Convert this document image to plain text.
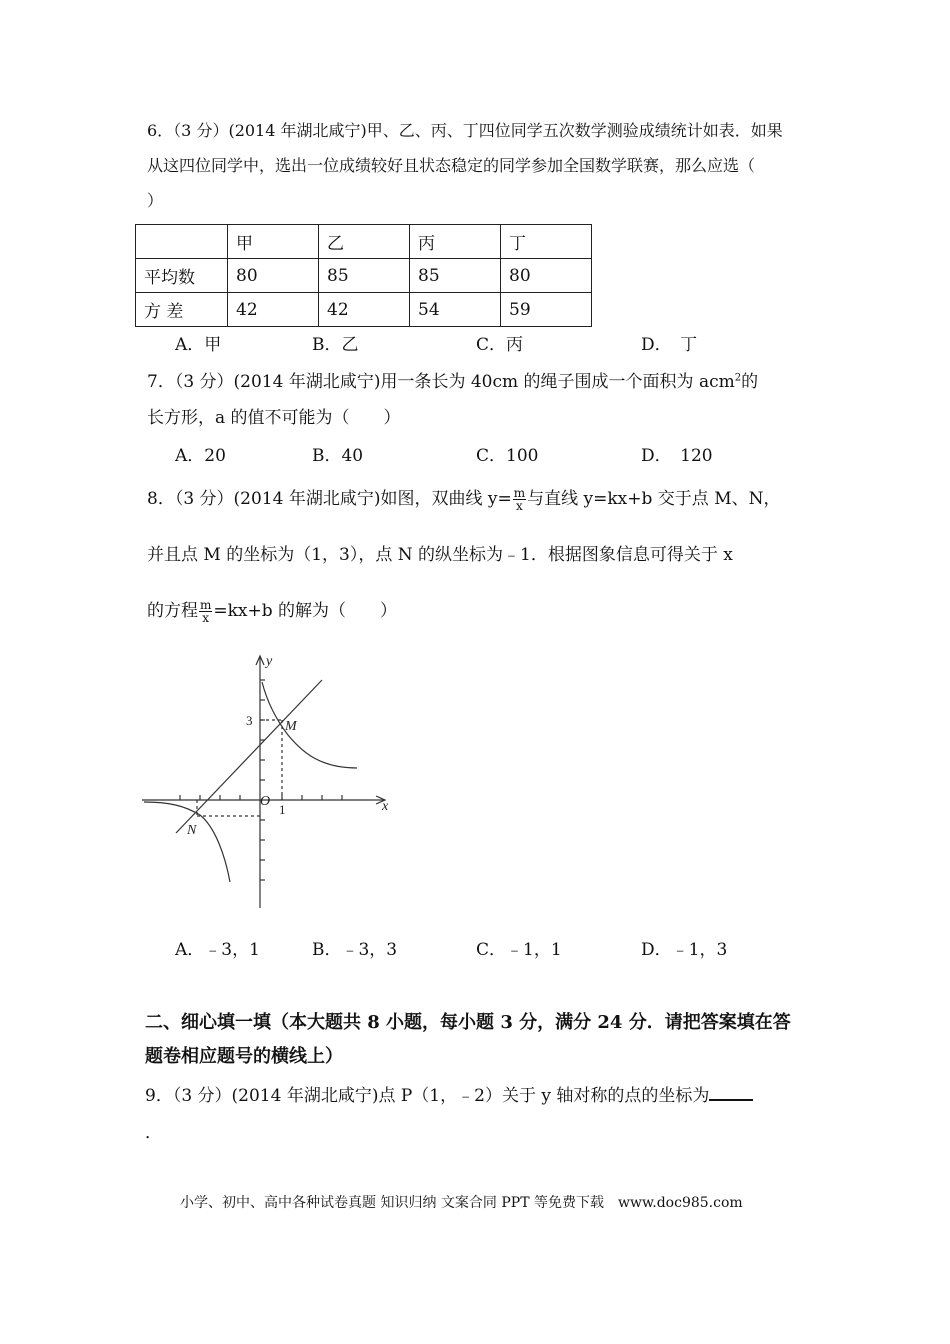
6．（3 分）(2014 年湖北咸宁)甲、乙、丙、丁四位同学五次数学测验成绩统计如表．如果
从这四位同学中，选出一位成绩较好且状态稳定的同学参加全国数学联赛，那么应选（
）
	甲	乙	丙	丁
平均数	80	85	85	80
方 差	42	42	54	59
A．甲	B．乙	C．丙	D．　丁
7．（3 分）(2014 年湖北咸宁)用一条长为 40cm 的绳子围成一个面积为 acm$^2$的
长方形，a 的值不可能为（　　）
A．20	B．40	C．100	D．　120
8．（3 分）(2014 年湖北咸宁)如图，双曲线 $y= \frac{m}{x}$ 与直线 y=kx+b 交于点 M、N，
并且点 M 的坐标为（1，3），点 N 的纵坐标为﹣1．根据图象信息可得关于 x
的方程 $\frac{m}{x} =kx+b$ 的解为（　　）
y
x
O
M
N
3
1
A．﹣3，1	B．﹣3，3	C．﹣1，1	D．﹣1，3
二、细心填一填（本大题共 8 小题，每小题 3 分，满分 24 分．请把答案填在答
题卷相应题号的横线上）
9．（3 分）(2014 年湖北咸宁)点 P（1，﹣2）关于 y 轴对称的点的坐标为
．
小学、初中、高中各种试卷真题 知识归纳 文案合同 PPT 等免费下载　www.doc985.com
